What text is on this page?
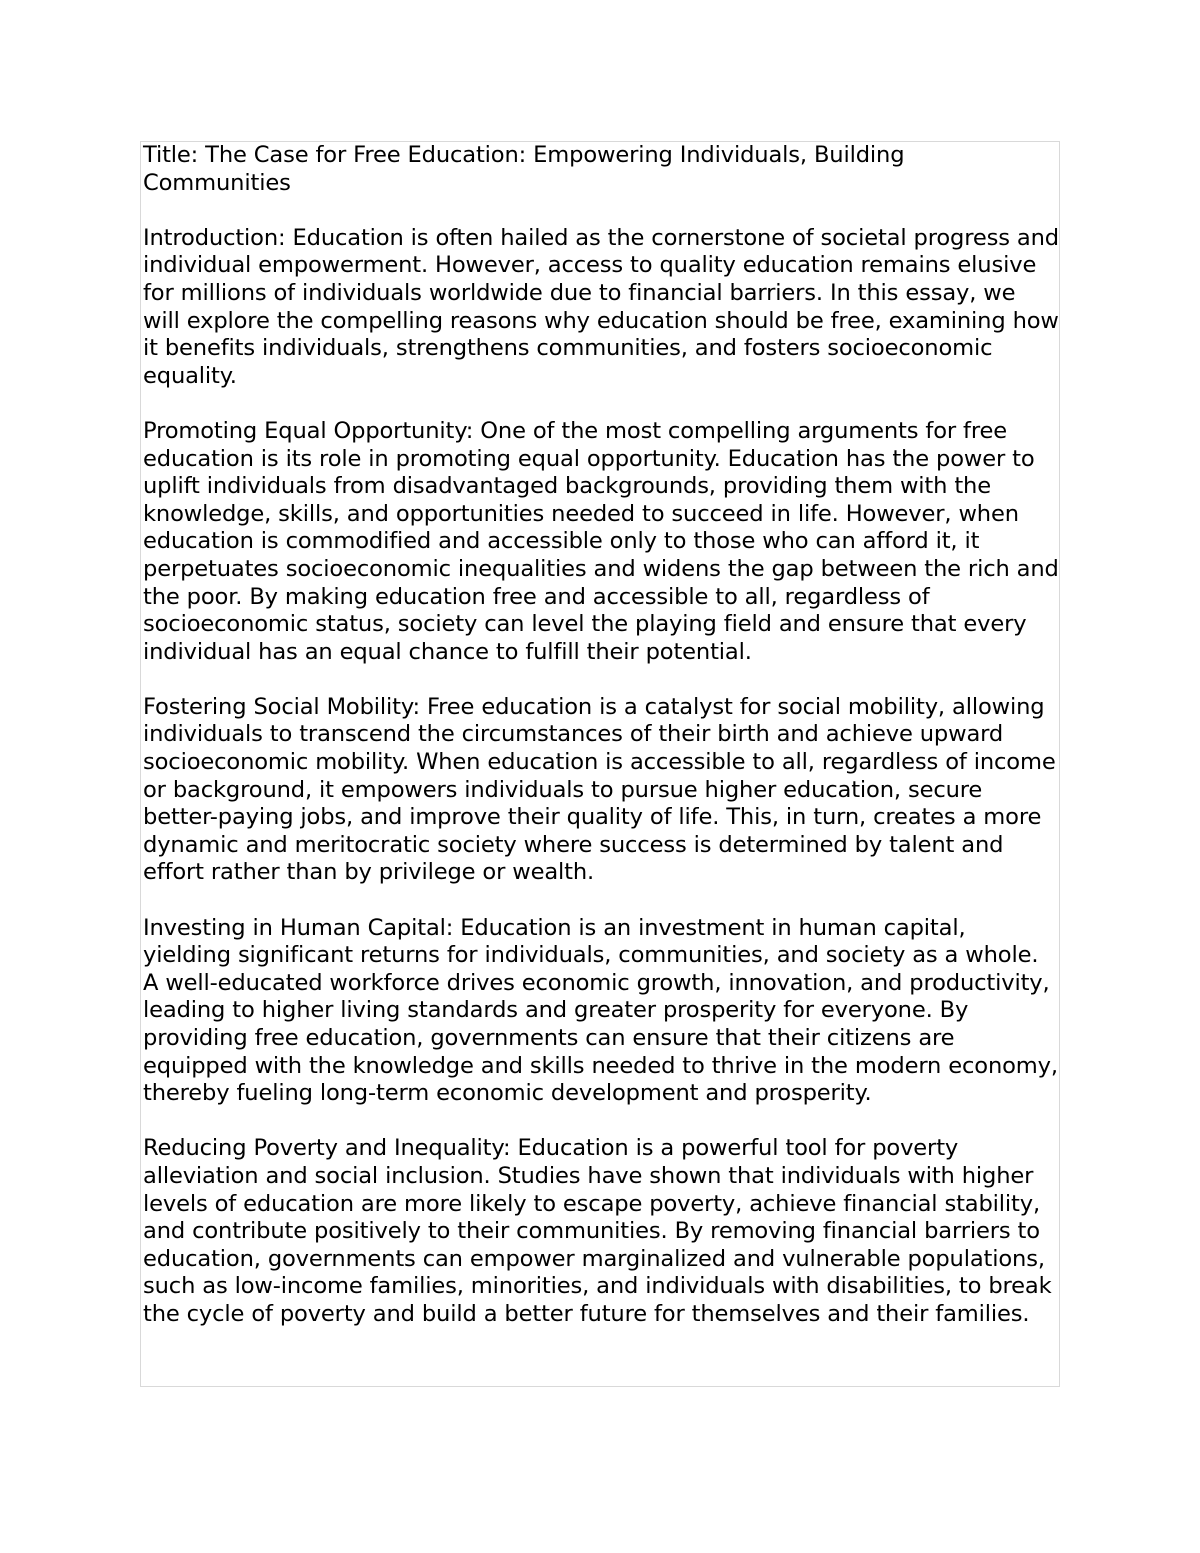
Title: The Case for Free Education: Empowering Individuals, Building Communities

Introduction: Education is often hailed as the cornerstone of societal progress and individual empowerment. However, access to quality education remains elusive for millions of individuals worldwide due to financial barriers. In this essay, we will explore the compelling reasons why education should be free, examining how it benefits individuals, strengthens communities, and fosters socioeconomic equality.

Promoting Equal Opportunity: One of the most compelling arguments for free education is its role in promoting equal opportunity. Education has the power to uplift individuals from disadvantaged backgrounds, providing them with the knowledge, skills, and opportunities needed to succeed in life. However, when education is commodified and accessible only to those who can afford it, it perpetuates socioeconomic inequalities and widens the gap between the rich and the poor. By making education free and accessible to all, regardless of socioeconomic status, society can level the playing field and ensure that every individual has an equal chance to fulfill their potential.

Fostering Social Mobility: Free education is a catalyst for social mobility, allowing individuals to transcend the circumstances of their birth and achieve upward socioeconomic mobility. When education is accessible to all, regardless of income or background, it empowers individuals to pursue higher education, secure better-paying jobs, and improve their quality of life. This, in turn, creates a more dynamic and meritocratic society where success is determined by talent and effort rather than by privilege or wealth.

Investing in Human Capital: Education is an investment in human capital, yielding significant returns for individuals, communities, and society as a whole. A well-educated workforce drives economic growth, innovation, and productivity, leading to higher living standards and greater prosperity for everyone. By providing free education, governments can ensure that their citizens are equipped with the knowledge and skills needed to thrive in the modern economy, thereby fueling long-term economic development and prosperity.

Reducing Poverty and Inequality: Education is a powerful tool for poverty alleviation and social inclusion. Studies have shown that individuals with higher levels of education are more likely to escape poverty, achieve financial stability, and contribute positively to their communities. By removing financial barriers to education, governments can empower marginalized and vulnerable populations, such as low-income families, minorities, and individuals with disabilities, to break the cycle of poverty and build a better future for themselves and their families.
